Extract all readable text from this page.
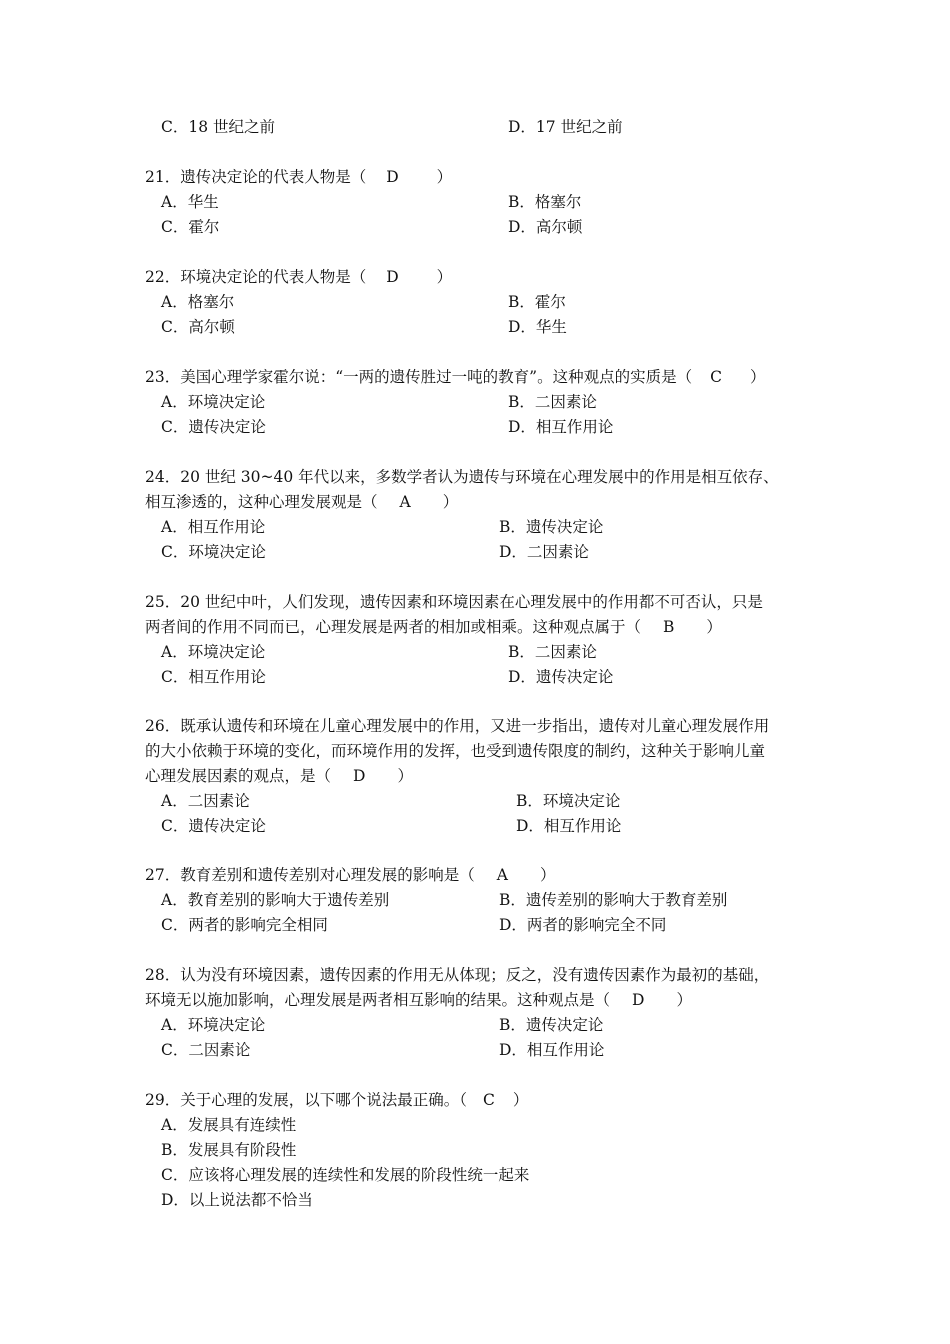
C．18 世纪之前	D．17 世纪之前
21．遗传决定论的代表人物是（ D ）
A．华生	B．格塞尔
C．霍尔	D．高尔顿
22．环境决定论的代表人物是（ D ）
A．格塞尔	B．霍尔
C．高尔顿	D．华生
23．美国心理学家霍尔说：“一两的遗传胜过一吨的教育”。这种观点的实质是（ C ）
A．环境决定论	B．二因素论
C．遗传决定论	D．相互作用论
24．20 世纪 30~40 年代以来，多数学者认为遗传与环境在心理发展中的作用是相互依存、
相互渗透的，这种心理发展观是（ A ）
A．相互作用论	B．遗传决定论
C．环境决定论	D．二因素论
25．20 世纪中叶，人们发现，遗传因素和环境因素在心理发展中的作用都不可否认，只是
两者间的作用不同而已，心理发展是两者的相加或相乘。这种观点属于（ B ）
A．环境决定论	B．二因素论
C．相互作用论	D．遗传决定论
26．既承认遗传和环境在儿童心理发展中的作用，又进一步指出，遗传对儿童心理发展作用
的大小依赖于环境的变化，而环境作用的发挥，也受到遗传限度的制约，这种关于影响儿童
心理发展因素的观点，是（ D ）
A．二因素论	B．环境决定论
C．遗传决定论	D．相互作用论
27．教育差别和遗传差别对心理发展的影响是（ A ）
A．教育差别的影响大于遗传差别	B．遗传差别的影响大于教育差别
C．两者的影响完全相同	D．两者的影响完全不同
28．认为没有环境因素，遗传因素的作用无从体现；反之，没有遗传因素作为最初的基础，
环境无以施加影响，心理发展是两者相互影响的结果。这种观点是（ D ）
A．环境决定论	B．遗传决定论
C．二因素论	D．相互作用论
29．关于心理的发展，以下哪个说法最正确。（ C ）
A．发展具有连续性
B．发展具有阶段性
C．应该将心理发展的连续性和发展的阶段性统一起来
D．以上说法都不恰当
